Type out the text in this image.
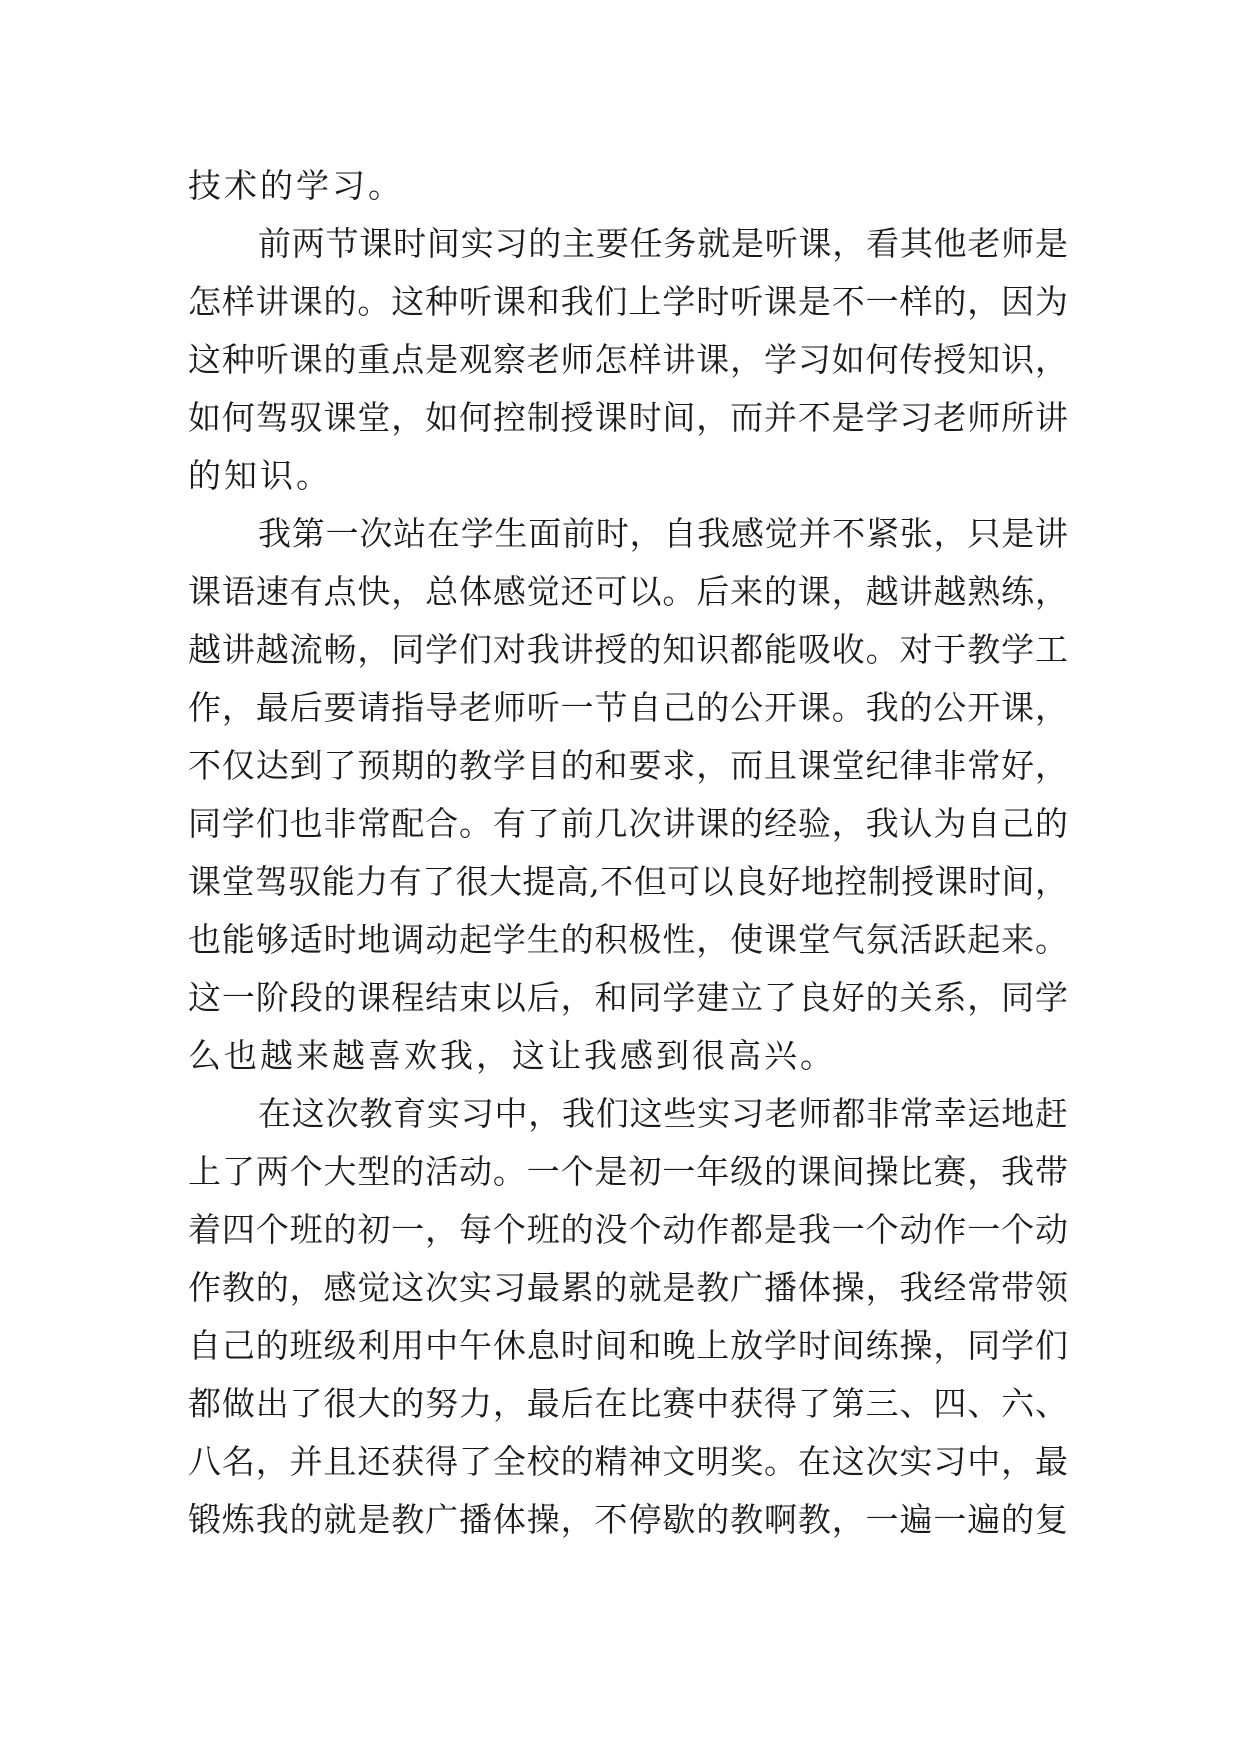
技术的学习。
前两节课时间实习的主要任务就是听课，看其他老师是
怎样讲课的。这种听课和我们上学时听课是不一样的，因为
这种听课的重点是观察老师怎样讲课，学习如何传授知识，
如何驾驭课堂，如何控制授课时间，而并不是学习老师所讲
的知识。
我第一次站在学生面前时，自我感觉并不紧张，只是讲
课语速有点快，总体感觉还可以。后来的课，越讲越熟练，
越讲越流畅，同学们对我讲授的知识都能吸收。对于教学工
作，最后要请指导老师听一节自己的公开课。我的公开课，
不仅达到了预期的教学目的和要求，而且课堂纪律非常好，
同学们也非常配合。有了前几次讲课的经验，我认为自己的
课堂驾驭能力有了很大提高,不但可以良好地控制授课时间，
也能够适时地调动起学生的积极性，使课堂气氛活跃起来。
这一阶段的课程结束以后，和同学建立了良好的关系，同学
么也越来越喜欢我，这让我感到很高兴。
在这次教育实习中，我们这些实习老师都非常幸运地赶
上了两个大型的活动。一个是初一年级的课间操比赛，我带
着四个班的初一，每个班的没个动作都是我一个动作一个动
作教的，感觉这次实习最累的就是教广播体操，我经常带领
自己的班级利用中午休息时间和晚上放学时间练操，同学们
都做出了很大的努力，最后在比赛中获得了第三、四、六、
八名，并且还获得了全校的精神文明奖。在这次实习中，最
锻炼我的就是教广播体操，不停歇的教啊教，一遍一遍的复
